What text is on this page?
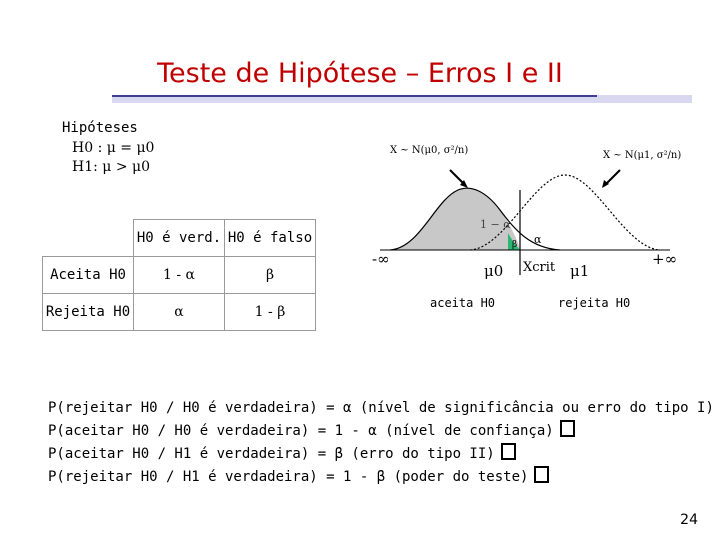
Teste de Hipótese – Erros I e II
Hipóteses
H0 : μ = μ0
H1: μ > μ0
	H0 é verd.	H0 é falso
Aceita H0	1 - α	β
Rejeita H0	α	1 - β
X ~ N(μ0, σ²/n)	X ~ N(μ1, σ²/n)
1 − α
α
β
-∞	+∞
μ0 Xcrit μ1
aceita H0	rejeita H0
P(rejeitar H0 / H0 é verdadeira) = α (nível de significância ou erro do tipo I)
P(aceitar H0 / H0 é verdadeira) = 1 - α (nível de confiança)
P(aceitar H0 / H1 é verdadeira) = β (erro do tipo II)
P(rejeitar H0 / H1 é verdadeira) = 1 - β (poder do teste)
24
